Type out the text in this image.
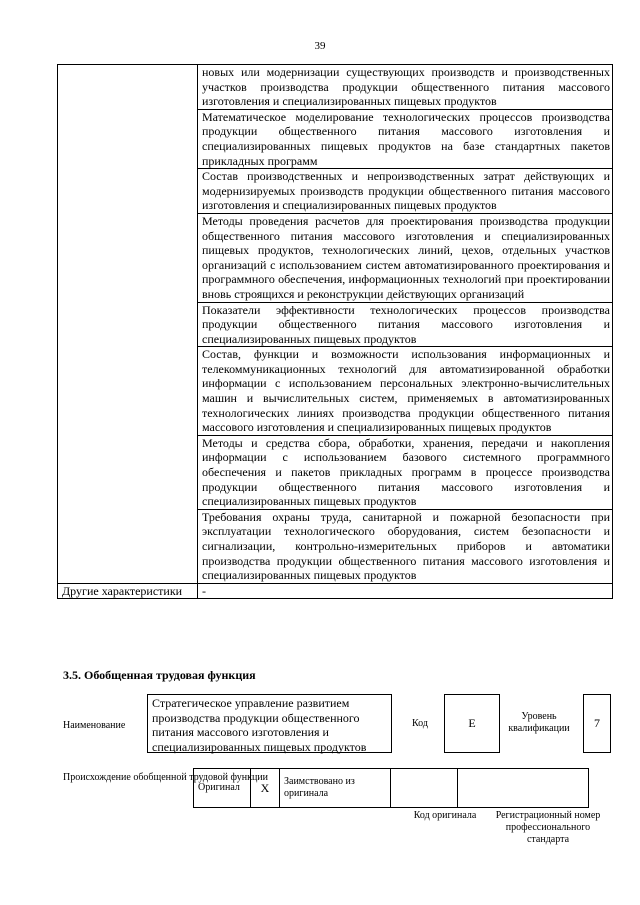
39
	новых или модернизации существующих производств и производственных участков производства продукции общественного питания массового изготовления и специализированных пищевых продуктов
	Математическое моделирование технологических процессов производства продукции общественного питания массового изготовления и специализированных пищевых продуктов на базе стандартных пакетов прикладных программ
	Состав производственных и непроизводственных затрат действующих и модернизируемых производств продукции общественного питания массового изготовления и специализированных пищевых продуктов
	Методы проведения расчетов для проектирования производства продукции общественного питания массового изготовления и специализированных пищевых продуктов, технологических линий, цехов, отдельных участков организаций с использованием систем автоматизированного проектирования и программного обеспечения, информационных технологий при проектировании вновь строящихся и реконструкции действующих организаций
	Показатели эффективности технологических процессов производства продукции общественного питания массового изготовления и специализированных пищевых продуктов
	Состав, функции и возможности использования информационных и телекоммуникационных технологий для автоматизированной обработки информации с использованием персональных электронно-вычислительных машин и вычислительных систем, применяемых в автоматизированных технологических линиях производства продукции общественного питания массового изготовления и специализированных пищевых продуктов
	Методы и средства сбора, обработки, хранения, передачи и накопления информации с использованием базового системного программного обеспечения и пакетов прикладных программ в процессе производства продукции общественного питания массового изготовления и специализированных пищевых продуктов
	Требования охраны труда, санитарной и пожарной безопасности при эксплуатации технологического оборудования, систем безопасности и сигнализации, контрольно-измерительных приборов и автоматики производства продукции общественного питания массового изготовления и специализированных пищевых продуктов
Другие характеристики	-
3.5. Обобщенная трудовая функция
Наименование
Стратегическое управление развитием производства продукции общественного питания массового изготовления и специализированных пищевых продуктов
Код	E	Уровень квалификации	7
Происхождение обобщенной трудовой функции
Оригинал	X	Заимствовано из оригинала		
Код оригинала	Регистрационный номер профессионального стандарта
